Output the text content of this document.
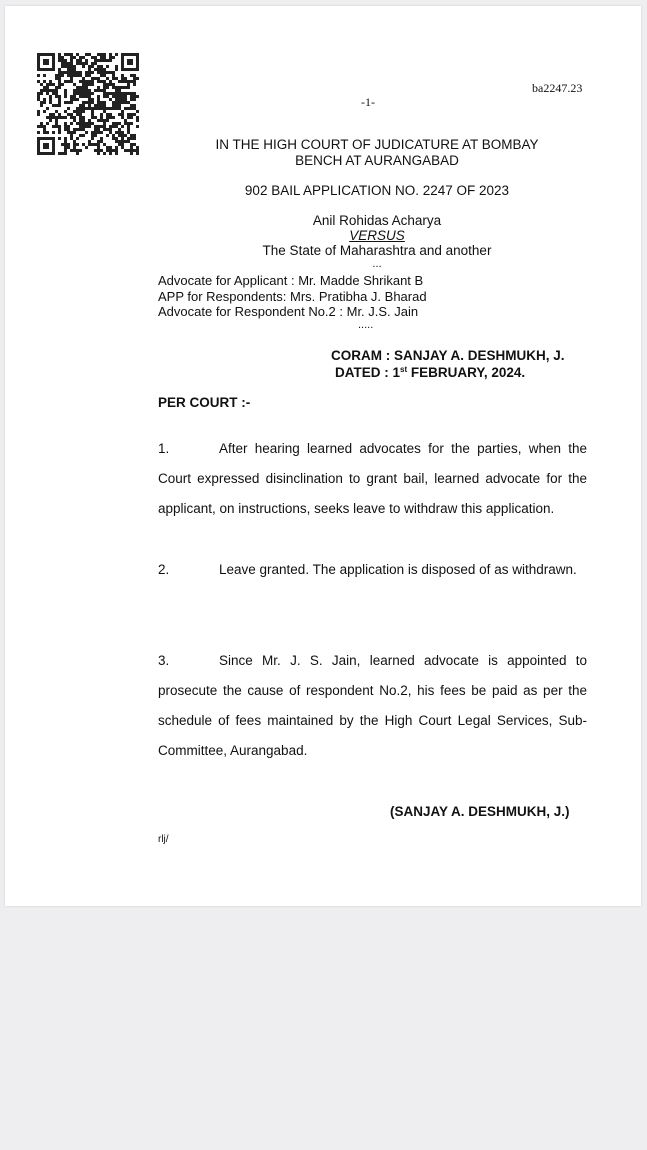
ba2247.23
-1-
IN THE HIGH COURT OF JUDICATURE AT BOMBAY
BENCH AT AURANGABAD
902 BAIL APPLICATION NO. 2247 OF 2023
Anil Rohidas Acharya
VERSUS
The State of Maharashtra and another
...
Advocate for Applicant : Mr. Madde Shrikant B
APP for Respondents: Mrs. Pratibha J. Bharad
Advocate for Respondent No.2 : Mr. J.S. Jain
.....
CORAM : SANJAY A. DESHMUKH, J.
DATED : 1st FEBRUARY, 2024.
PER COURT :-
1.	After hearing learned advocates for the parties, when the Court expressed disinclination to grant bail, learned advocate for the applicant, on instructions, seeks leave to withdraw this application.
2.	Leave granted. The application is disposed of as withdrawn.
3.	Since Mr. J. S. Jain, learned advocate is appointed to prosecute the cause of respondent No.2, his fees be paid as per the schedule of fees maintained by the High Court Legal Services, Sub-Committee, Aurangabad.
(SANJAY A. DESHMUKH, J.)
rlj/
